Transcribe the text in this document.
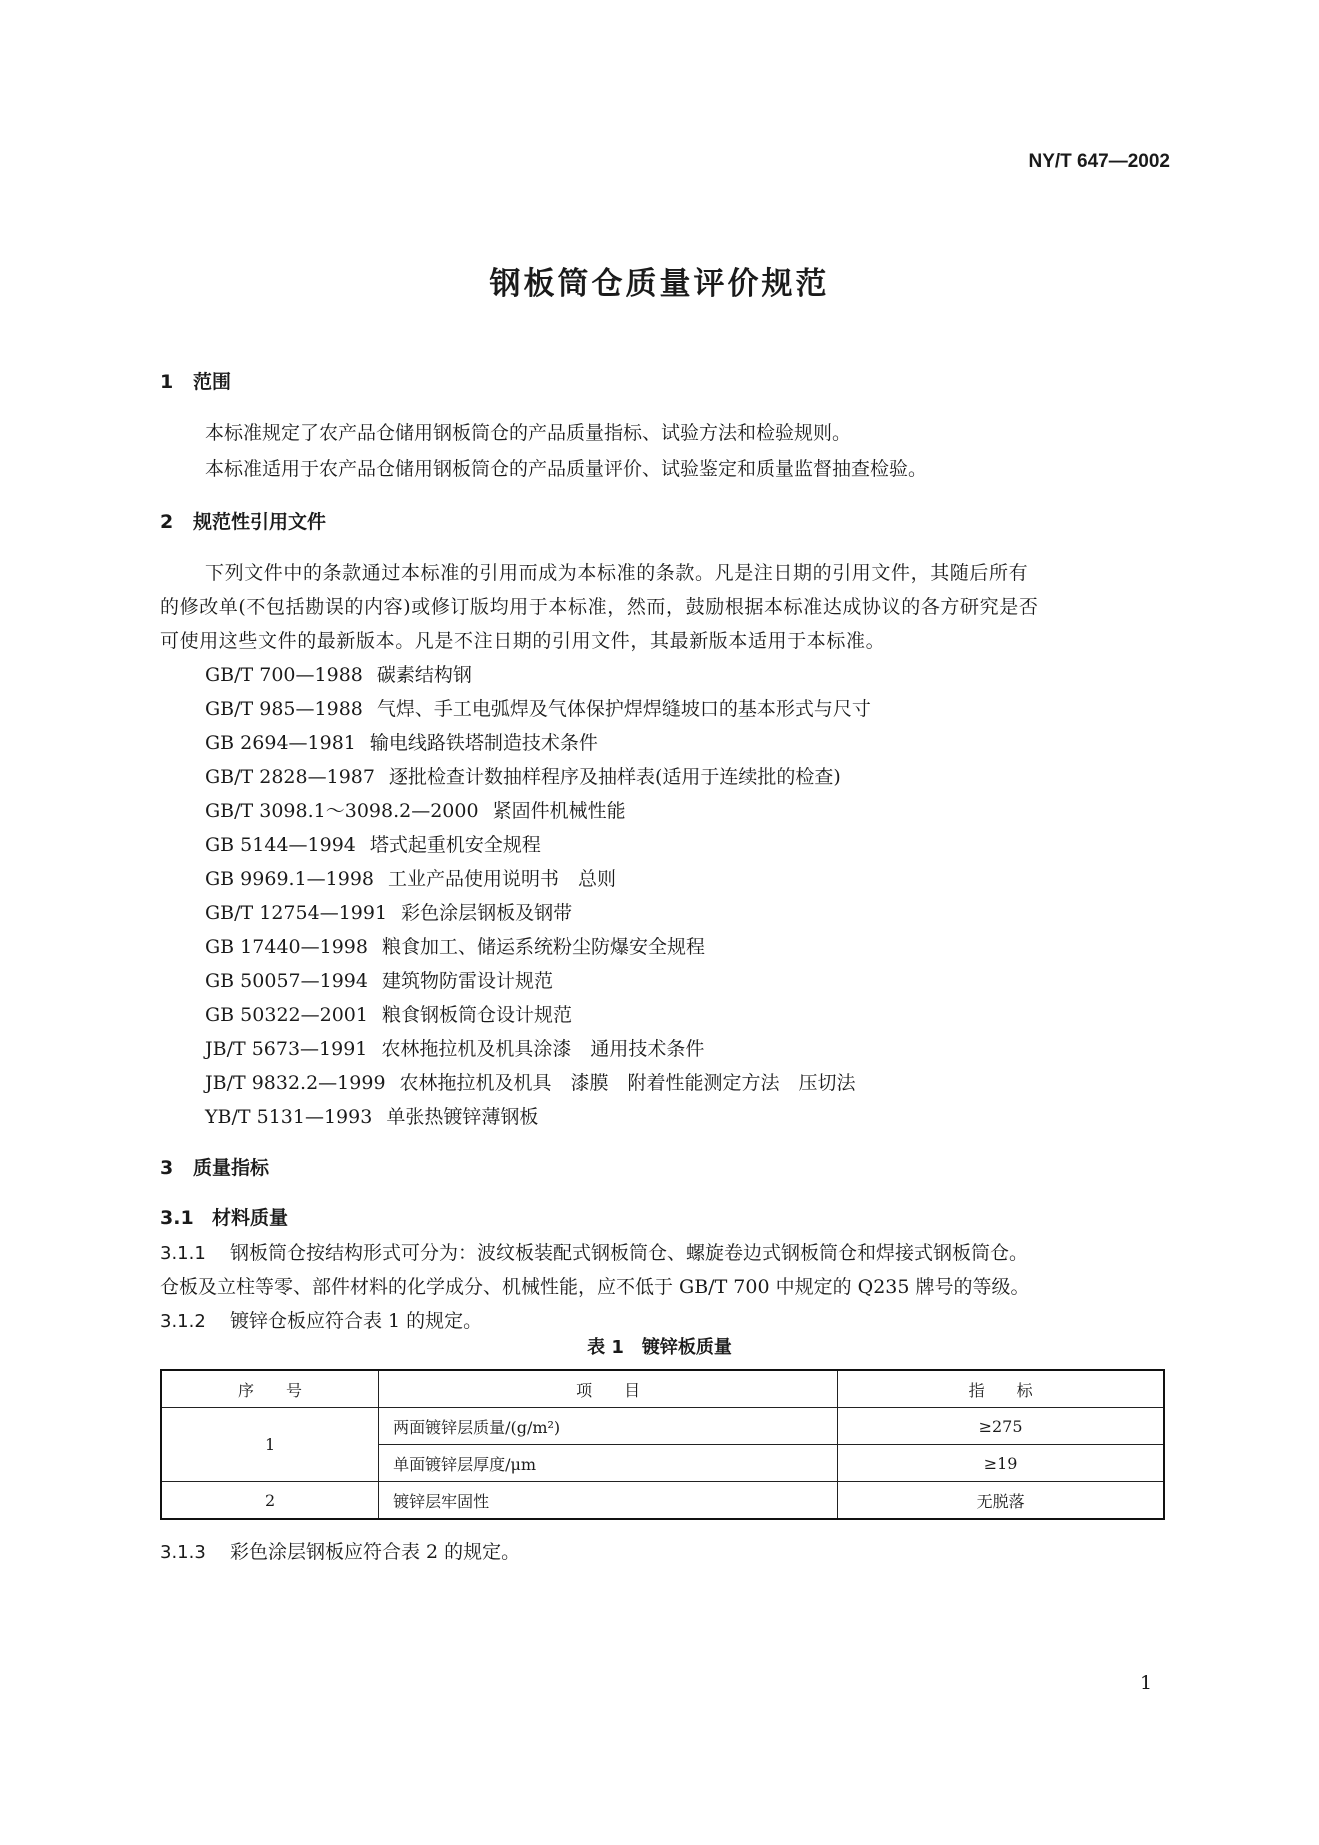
NY/T 647—2002
钢板筒仓质量评价规范
1 范围
本标准规定了农产品仓储用钢板筒仓的产品质量指标、试验方法和检验规则。
本标准适用于农产品仓储用钢板筒仓的产品质量评价、试验鉴定和质量监督抽查检验。
2 规范性引用文件
下列文件中的条款通过本标准的引用而成为本标准的条款。凡是注日期的引用文件，其随后所有
的修改单(不包括勘误的内容)或修订版均用于本标准，然而，鼓励根据本标准达成协议的各方研究是否
可使用这些文件的最新版本。凡是不注日期的引用文件，其最新版本适用于本标准。
GB/T 700—1988 碳素结构钢
GB/T 985—1988 气焊、手工电弧焊及气体保护焊焊缝坡口的基本形式与尺寸
GB 2694—1981 输电线路铁塔制造技术条件
GB/T 2828—1987 逐批检查计数抽样程序及抽样表(适用于连续批的检查)
GB/T 3098.1～3098.2—2000 紧固件机械性能
GB 5144—1994 塔式起重机安全规程
GB 9969.1—1998 工业产品使用说明书　总则
GB/T 12754—1991 彩色涂层钢板及钢带
GB 17440—1998 粮食加工、储运系统粉尘防爆安全规程
GB 50057—1994 建筑物防雷设计规范
GB 50322—2001 粮食钢板筒仓设计规范
JB/T 5673—1991 农林拖拉机及机具涂漆　通用技术条件
JB/T 9832.2—1999 农林拖拉机及机具　漆膜　附着性能测定方法　压切法
YB/T 5131—1993 单张热镀锌薄钢板
3 质量指标
3.1 材料质量
3.1.1 钢板筒仓按结构形式可分为：波纹板装配式钢板筒仓、螺旋卷边式钢板筒仓和焊接式钢板筒仓。
仓板及立柱等零、部件材料的化学成分、机械性能，应不低于 GB/T 700 中规定的 Q235 牌号的等级。
3.1.2 镀锌仓板应符合表 1 的规定。
表 1　镀锌板质量
序　　号	项　　目	指　　标
1	两面镀锌层质量/(g/m²)	≥275
	单面镀锌层厚度/μm	≥19
2	镀锌层牢固性	无脱落
3.1.3 彩色涂层钢板应符合表 2 的规定。
1
